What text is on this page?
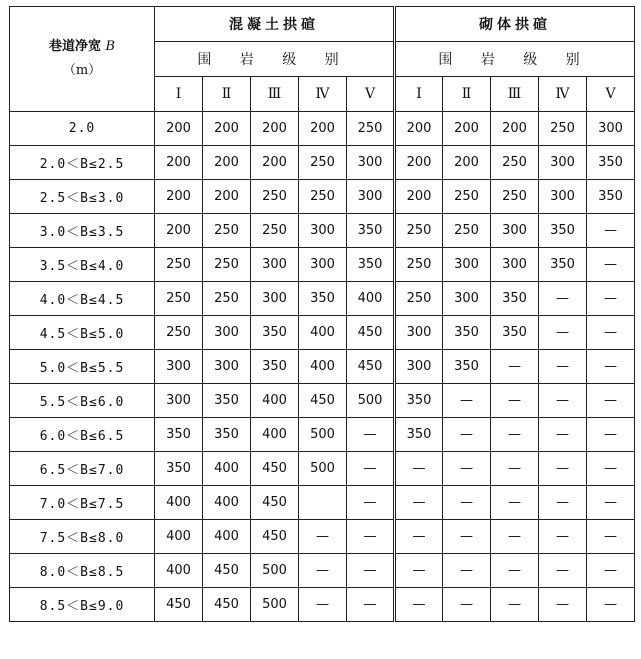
巷道净宽 B
（m）	混凝土拱碹					砌体拱碹				
	围 岩 级 别					围 岩 级 别				
	Ⅰ	Ⅱ	Ⅲ	Ⅳ	Ⅴ	Ⅰ	Ⅱ	Ⅲ	Ⅳ	Ⅴ
2.0	200	200	200	200	250	200	200	200	250	300
2.0＜B≤2.5	200	200	200	250	300	200	200	250	300	350
2.5＜B≤3.0	200	200	250	250	300	200	250	250	300	350
3.0＜B≤3.5	200	250	250	300	350	250	250	300	350	—
3.5＜B≤4.0	250	250	300	300	350	250	300	300	350	—
4.0＜B≤4.5	250	250	300	350	400	250	300	350	—	—
4.5＜B≤5.0	250	300	350	400	450	300	350	350	—	—
5.0＜B≤5.5	300	300	350	400	450	300	350	—	—	—
5.5＜B≤6.0	300	350	400	450	500	350	—	—	—	—
6.0＜B≤6.5	350	350	400	500	—	350	—	—	—	—
6.5＜B≤7.0	350	400	450	500	—	—	—	—	—	—
7.0＜B≤7.5	400	400	450		—	—	—	—	—	—
7.5＜B≤8.0	400	400	450	—	—	—	—	—	—	—
8.0＜B≤8.5	400	450	500	—	—	—	—	—	—	—
8.5＜B≤9.0	450	450	500	—	—	—	—	—	—	—
